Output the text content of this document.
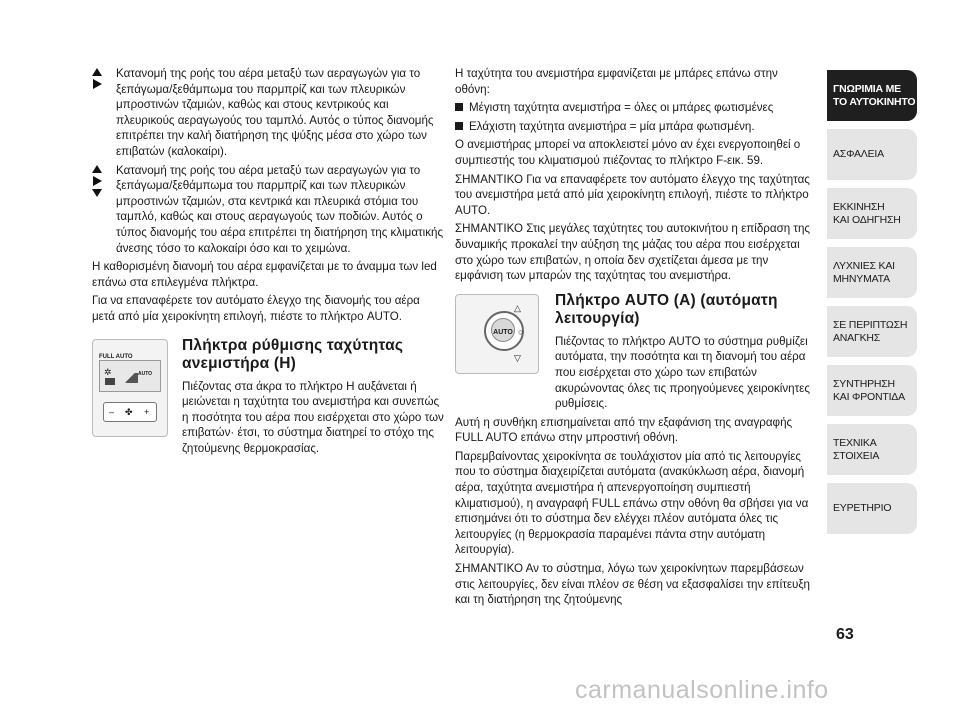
Κατανομή της ροής του αέρα μεταξύ των αεραγωγών για το ξεπάγωμα/ξεθάμπωμα του παρμπρίζ και των πλευρικών μπροστινών τζαμιών, καθώς και στους κεντρικούς και πλευρικούς αεραγωγούς του ταμπλό. Αυτός ο τύπος διανομής επιτρέπει την καλή διατήρηση της ψύξης μέσα στο χώρο των επιβατών (καλοκαίρι).

Κατανομή της ροής του αέρα μεταξύ των αεραγωγών για το ξεπάγωμα/ξεθάμπωμα του παρμπρίζ και των πλευρικών μπροστινών τζαμιών, στα κεντρικά και πλευρικά στόμια του ταμπλό, καθώς και στους αεραγωγούς των ποδιών. Αυτός ο τύπος διανομής του αέρα επιτρέπει τη διατήρηση της κλιματικής άνεσης τόσο το καλοκαίρι όσο και το χειμώνα.

Η καθορισμένη διανομή του αέρα εμφανίζεται με το άναμμα των led επάνω στα επιλεγμένα πλήκτρα.

Για να επαναφέρετε τον αυτόματο έλεγχο της διανομής του αέρα μετά από μία χειροκίνητη επιλογή, πιέστε το πλήκτρο AUTO.

FULL AUTO
✲	AUTO
– ✤ +
Πλήκτρα ρύθμισης ταχύτητας ανεμιστήρα (H)

Πιέζοντας στα άκρα το πλήκτρο H αυξάνεται ή μειώνεται η ταχύτητα του ανεμιστήρα και συνεπώς η ποσότητα του αέρα που εισέρχεται στο χώρο των επιβατών· έτσι, το σύστημα διατηρεί το στόχο της ζητούμενης θερμοκρασίας.

Η ταχύτητα του ανεμιστήρα εμφανίζεται με μπάρες επάνω στην οθόνη:

Μέγιστη ταχύτητα ανεμιστήρα = όλες οι μπάρες φωτισμένες

Ελάχιστη ταχύτητα ανεμιστήρα = μία μπάρα φωτισμένη.

Ο ανεμιστήρας μπορεί να αποκλειστεί μόνο αν έχει ενεργοποιηθεί ο συμπιεστής του κλιματισμού πιέζοντας το πλήκτρο F-εικ. 59.

ΣΗΜΑΝΤΙΚΟ Για να επαναφέρετε τον αυτόματο έλεγχο της ταχύτητας του ανεμιστήρα μετά από μία χειροκίνητη επιλογή, πιέστε το πλήκτρο AUTO.

ΣΗΜΑΝΤΙΚΟ Στις μεγάλες ταχύτητες του αυτοκινήτου η επίδραση της δυναμικής προκαλεί την αύξηση της μάζας του αέρα που εισέρχεται στο χώρο των επιβατών, η οποία δεν σχετίζεται άμεσα με την εμφάνιση των μπαρών της ταχύτητας του ανεμιστήρα.

AUTO
△
○
▽
Πλήκτρο AUTO (A) (αυτόματη λειτουργία)

Πιέζοντας το πλήκτρο AUTO το σύστημα ρυθμίζει αυτόματα, την ποσότητα και τη διανομή του αέρα που εισέρχεται στο χώρο των επιβατών ακυρώνοντας όλες τις προηγούμενες χειροκίνητες ρυθμίσεις.

Αυτή η συνθήκη επισημαίνεται από την εξαφάνιση της αναγραφής FULL AUTO επάνω στην μπροστινή οθόνη.

Παρεμβαίνοντας χειροκίνητα σε τουλάχιστον μία από τις λειτουργίες που το σύστημα διαχειρίζεται αυτόματα (ανακύκλωση αέρα, διανομή αέρα, ταχύτητα ανεμιστήρα ή απενεργοποίηση συμπιεστή κλιματισμού), η αναγραφή FULL επάνω στην οθόνη θα σβήσει για να επισημάνει ότι το σύστημα δεν ελέγχει πλέον αυτόματα όλες τις λειτουργίες (η θερμοκρασία παραμένει πάντα στην αυτόματη λειτουργία).

ΣΗΜΑΝΤΙΚΟ Αν το σύστημα, λόγω των χειροκίνητων παρεμβάσεων στις λειτουργίες, δεν είναι πλέον σε θέση να εξασφαλίσει την επίτευξη και τη διατήρηση της ζητούμενης

ΓΝΩΡΙΜΙΑ ΜΕ
ΤΟ ΑΥΤΟΚΙΝΗΤΟ
ΑΣΦΑΛΕΙΑ
ΕΚΚΙΝΗΣΗ
ΚΑΙ ΟΔΗΓΗΣΗ
ΛΥΧΝΙΕΣ ΚΑΙ
ΜΗΝΥΜΑΤΑ
ΣΕ ΠΕΡΙΠΤΩΣΗ
ΑΝΑΓΚΗΣ
ΣΥΝΤΗΡΗΣΗ
ΚΑΙ ΦΡΟΝΤΙΔΑ
ΤΕΧΝΙΚΑ
ΣΤΟΙΧΕΙΑ
ΕΥΡΕΤΗΡΙΟ
63
carmanualsonline.info
